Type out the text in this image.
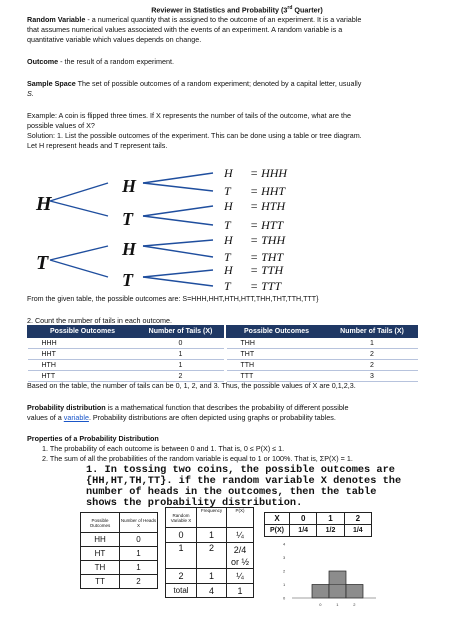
Reviewer in Statistics and Probability (3rd Quarter)
Random Variable - a numerical quantity that is assigned to the outcome of an experiment. It is a variable
that assumes numerical values associated with the events of an experiment. A random variable is a
quantitative variable which values depends on change.
Outcome - the result of a random experiment.
Sample Space The set of possible outcomes of a random experiment; denoted by a capital letter, usually
S.
Example: A coin is flipped three times. If X represents the number of tails of the outcome, what are the
possible values of X?
Solution: 1. List the possible outcomes of the experiment. This can be done using a table or tree diagram.
Let H represent heads and T represent tails.
H
T
H
T
H
T
H
T
H
T
H
T
H
T
= HHH
= HHT
= HTH
= HTT
= THH
= THT
= TTH
= TTT
From the given table, the possible outcomes are: S=HHH,HHT,HTH,HTT,THH,THT,TTH,TTT}
2. Count the number of tails in each outcome.
Possible Outcomes	Number of Tails (X)
HHH	0
HHT	1
HTH	1
HTT	2
Possible Outcomes	Number of Tails (X)
THH	1
THT	2
TTH	2
TTT	3
Based on the table, the number of tails can be 0, 1, 2, and 3. Thus, the possible values of X are 0,1,2,3.
Probability distribution is a mathematical function that describes the probability of different possible
values of a variable. Probability distributions are often depicted using graphs or probability tables.
Properties of a Probability Distribution
1. The probability of each outcome is between 0 and 1. That is, 0 ≤ P(X) ≤ 1.
2. The sum of all the probabilities of the random variable is equal to 1 or 100%. That is, ΣP(X) = 1.
1. In tossing two coins, the possible outcomes are
{HH,HT,TH,TT}. if the random variable X denotes the
number of heads in the outcomes, then the table
shows the probability distribution.
Possible Outcomes	Number of Heads X
HH	0
HT	1
TH	1
TT	2
Random Variable X	Frequency	P(X)
0	1	¼
1	2	2/4
or ½
2	1	¼
total	4	1
X	0	1	2
P(X)	1/4	1/2	1/4
4
3
2
1
0
0	1	2
